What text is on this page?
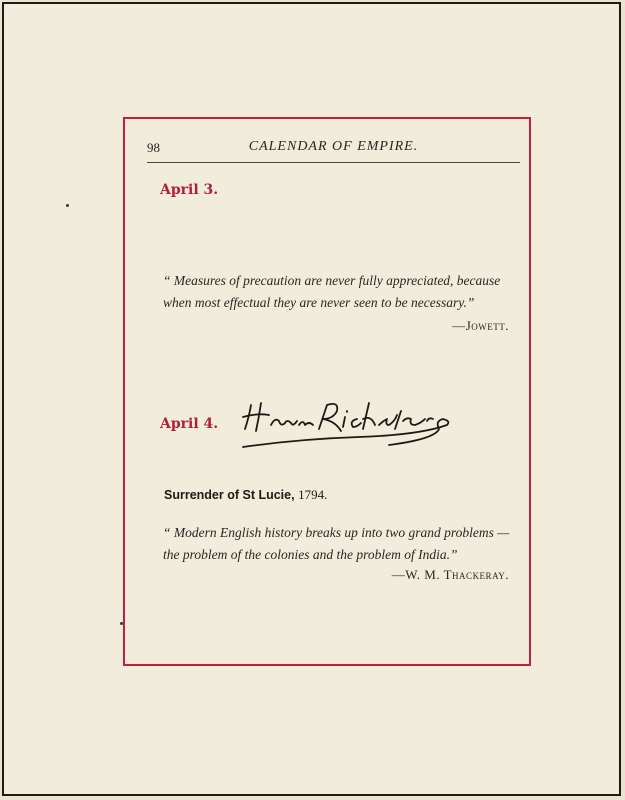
98	CALENDAR OF EMPIRE.
April 3.
“ Measures of precaution are never fully appreciated, because when most effectual they are never seen to be necessary.”
—Jowett.
April 4.
Surrender of St Lucie, 1794.
“ Modern English history breaks up into two grand problems —the problem of the colonies and the problem of India.”
—W. M. Thackeray.
